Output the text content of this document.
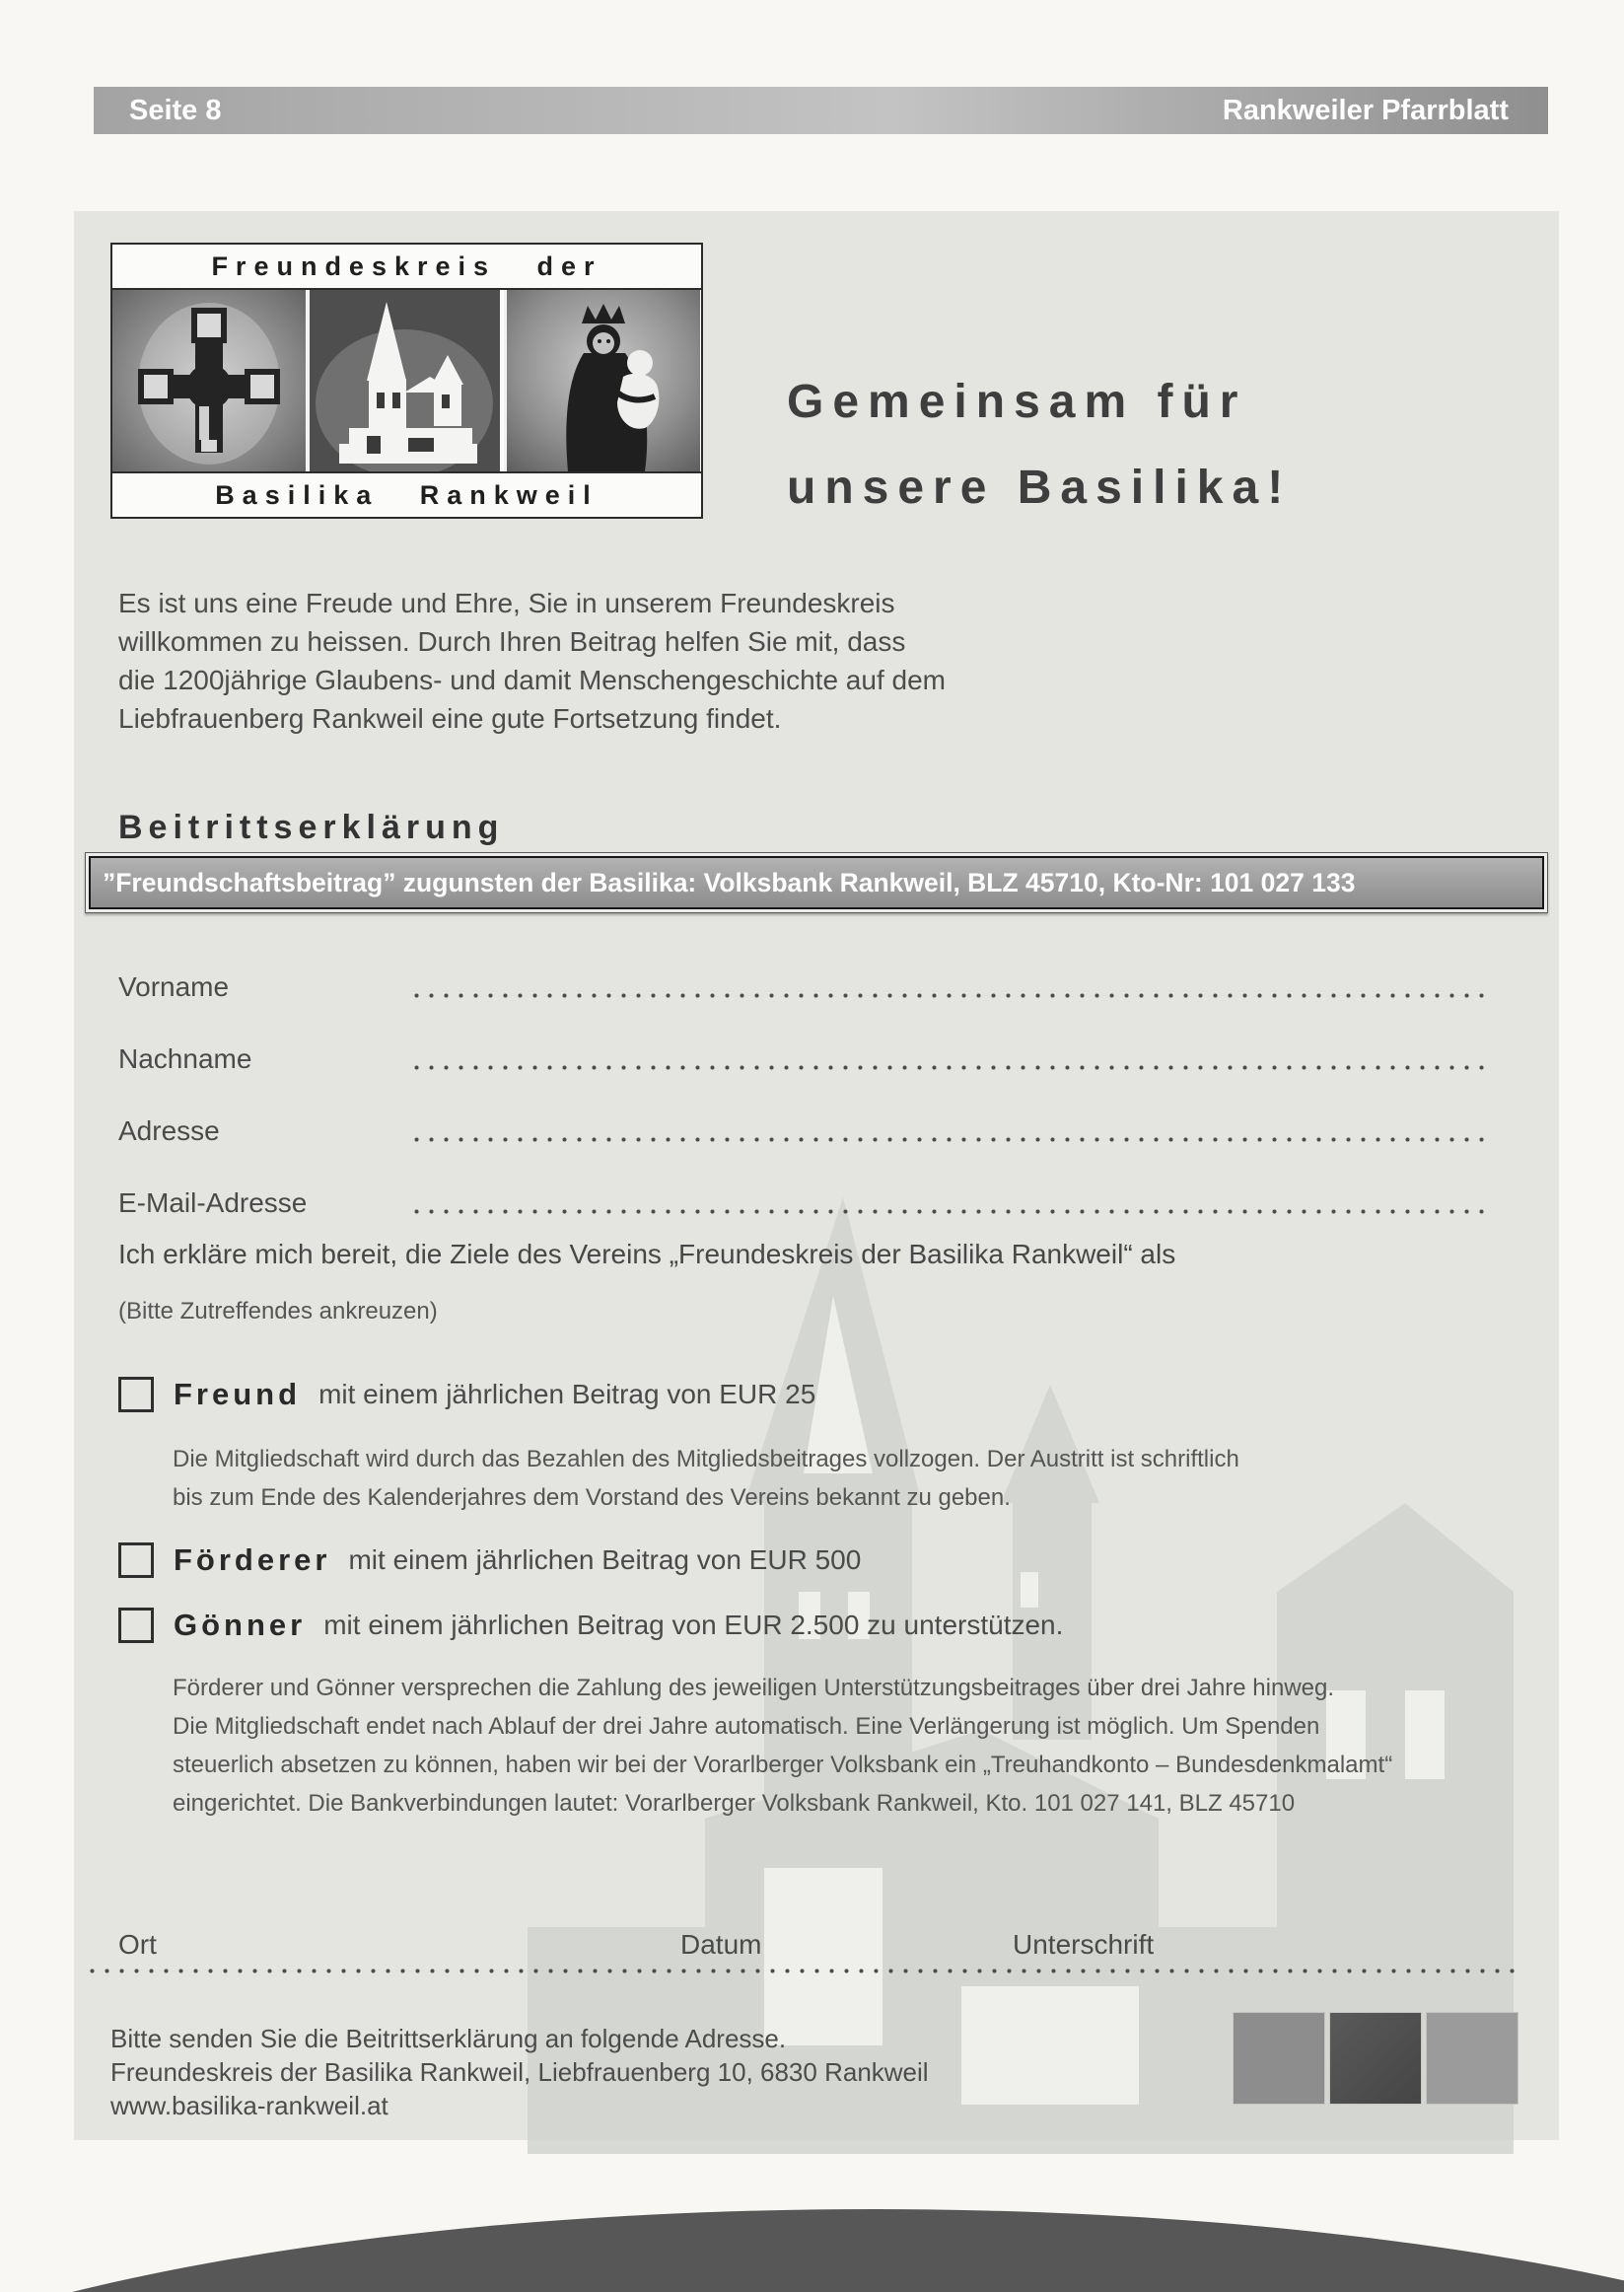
Seite 8	Rankweiler Pfarrblatt
Freundeskreis der
Basilika Rankweil
Gemeinsam für
unsere Basilika!
Es ist uns eine Freude und Ehre, Sie in unserem Freundeskreis
willkommen zu heissen. Durch Ihren Beitrag helfen Sie mit, dass
die 1200jährige Glaubens- und damit Menschengeschichte auf dem
Liebfrauenberg Rankweil eine gute Fortsetzung findet.
Beitrittserklärung
”Freundschaftsbeitrag” zugunsten der Basilika: Volksbank Rankweil, BLZ 45710, Kto-Nr: 101 027 133
Vorname
Nachname
Adresse
E-Mail-Adresse
Ich erkläre mich bereit, die Ziele des Vereins „Freundeskreis der Basilika Rankweil“ als
(Bitte Zutreffendes ankreuzen)
Freund mit einem jährlichen Beitrag von EUR 25
Die Mitgliedschaft wird durch das Bezahlen des Mitgliedsbeitrages vollzogen. Der Austritt ist schriftlich
bis zum Ende des Kalenderjahres dem Vorstand des Vereins bekannt zu geben.
Förderer mit einem jährlichen Beitrag von EUR 500
Gönner mit einem jährlichen Beitrag von EUR 2.500 zu unterstützen.
Förderer und Gönner versprechen die Zahlung des jeweiligen Unterstützungsbeitrages über drei Jahre hinweg.
Die Mitgliedschaft endet nach Ablauf der drei Jahre automatisch. Eine Verlängerung ist möglich. Um Spenden
steuerlich absetzen zu können, haben wir bei der Vorarlberger Volksbank ein „Treuhandkonto – Bundesdenkmalamt“
eingerichtet. Die Bankverbindungen lautet: Vorarlberger Volksbank Rankweil, Kto. 101 027 141, BLZ 45710
Ort	Datum	Unterschrift
Bitte senden Sie die Beitrittserklärung an folgende Adresse.
Freundeskreis der Basilika Rankweil, Liebfrauenberg 10, 6830 Rankweil
www.basilika-rankweil.at
